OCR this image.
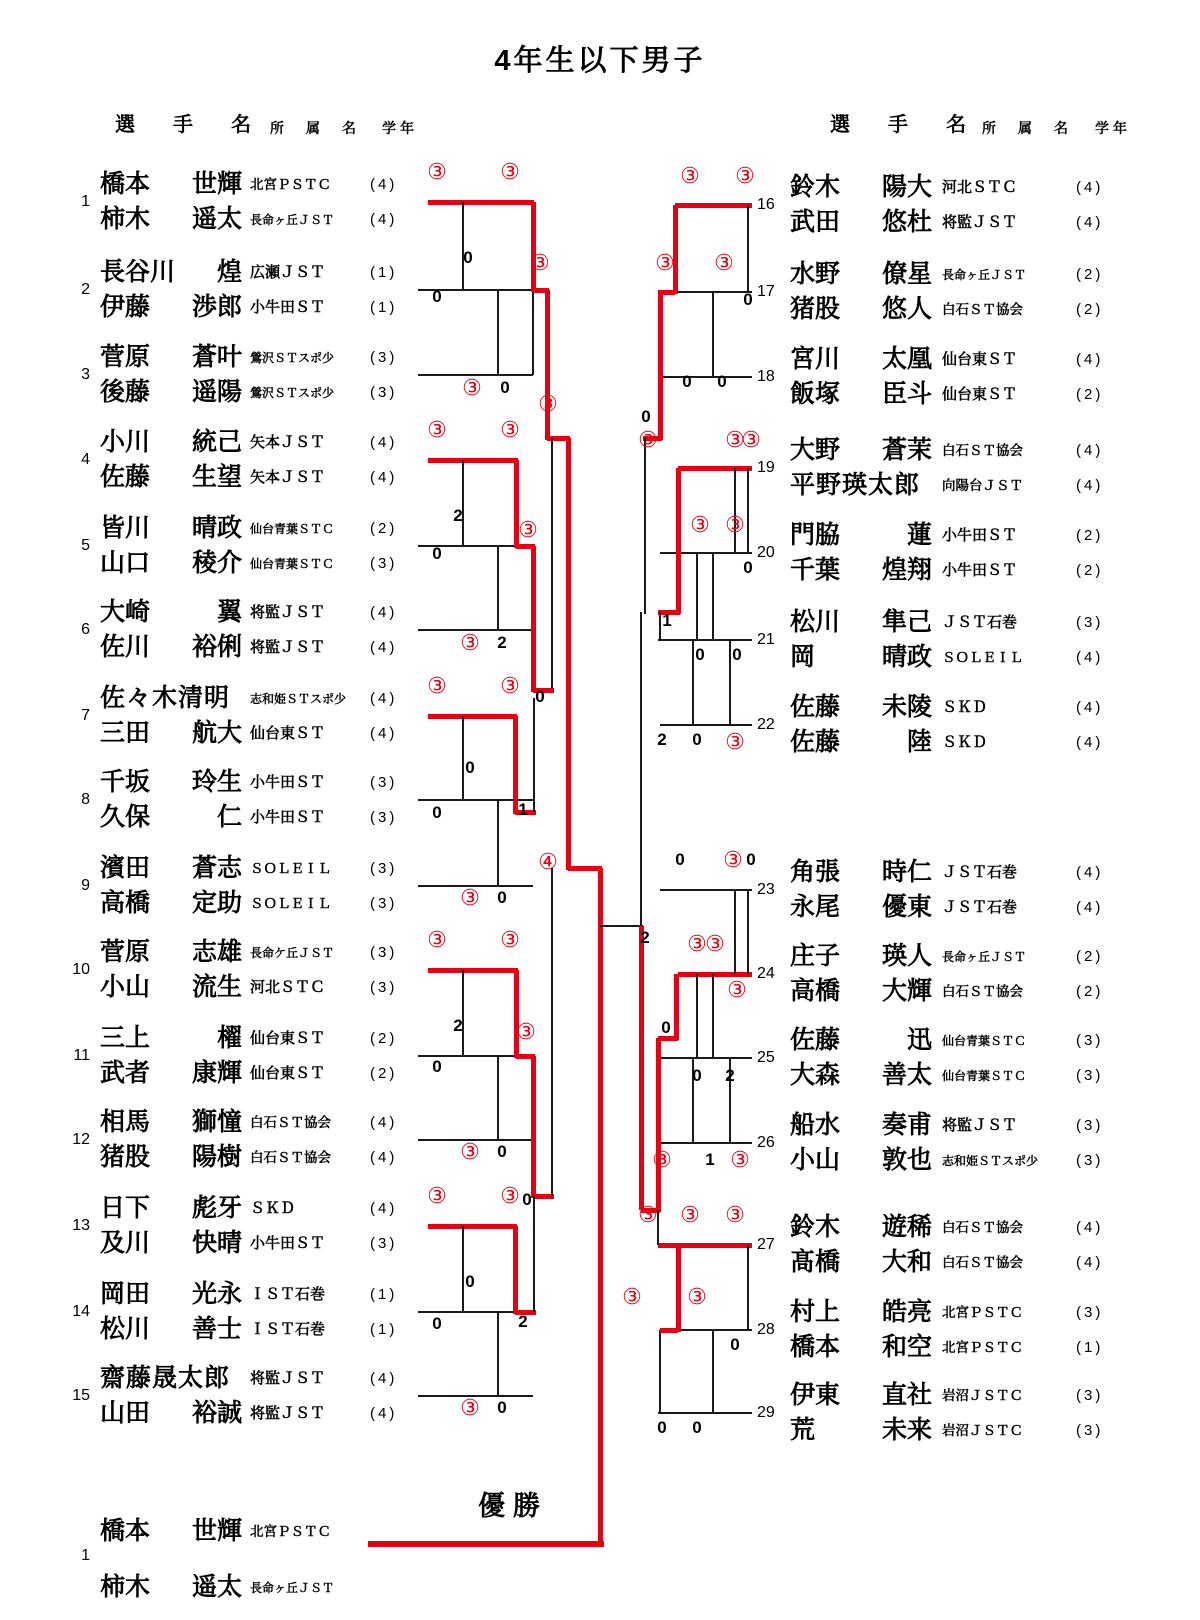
4年生以下男子
選　手　名 所　属　名 学年	選　手　名 所　属　名 学年
1
橋本 世輝 北宮ＰＳＴＣ	(4)
柿木 遥太 長命ヶ丘ＪＳＴ	(4)
2
長谷川 煌 広瀬ＪＳＴ	(1)
伊藤 渉郎 小牛田ＳＴ	(1)
3
菅原 蒼叶 鶯沢ＳＴスポ少	(3)
後藤 遥陽 鶯沢ＳＴスポ少	(3)
4
小川 統己 矢本ＪＳＴ	(4)
佐藤 生望 矢本ＪＳＴ	(4)
5
皆川 晴政 仙台青葉ＳＴＣ	(2)
山口 稜介 仙台青葉ＳＴＣ	(3)
6
大崎	翼 将監ＪＳＴ	(4)
佐川 裕俐 将監ＪＳＴ	(4)
7
佐々木清明 志和姫ＳＴスポ少	(4)
三田 航大 仙台東ＳＴ	(4)
8
千坂 玲生 小牛田ＳＴ	(3)
久保	仁 小牛田ＳＴ	(3)
9
濱田 蒼志 ＳＯＬＥＩＬ	(3)
高橋 定助 ＳＯＬＥＩＬ	(3)
10
菅原 志雄 長命ケ丘ＪＳＴ	(3)
小山 流生 河北ＳＴＣ	(3)
11
三上	櫂 仙台東ＳＴ	(2)
武者 康輝 仙台東ＳＴ	(2)
12
相馬 獅憧 白石ＳＴ協会	(4)
猪股 陽樹 白石ＳＴ協会	(4)
13
日下 彪牙 ＳＫＤ	(4)
及川 快晴 小牛田ＳＴ	(3)
14
岡田 光永 ＩＳＴ石巻	(1)
松川 善士 ＩＳＴ石巻	(1)
15
齋藤晟太郎 将監ＪＳＴ	(4)
山田 裕誠 将監ＪＳＴ	(4)
16
鈴木 陽大 河北ＳＴＣ	(4)
武田 悠杜 将監ＪＳＴ	(4)
17
水野 僚星 長命ヶ丘ＪＳＴ	(2)
猪股 悠人 白石ＳＴ協会	(2)
18
宮川 太凰 仙台東ＳＴ	(4)
飯塚 臣斗 仙台東ＳＴ	(2)
19
大野 蒼茉 白石ＳＴ協会	(4)
平野瑛太郎 向陽台ＪＳＴ	(4)
20
門脇	蓮 小牛田ＳＴ	(2)
千葉 煌翔 小牛田ＳＴ	(2)
21
松川 隼己 ＪＳＴ石巻	(3)
岡	晴政 ＳＯＬＥＩＬ	(4)
22
佐藤 未陵 ＳＫＤ	(4)
佐藤	陸 ＳＫＤ	(4)
23
角張 時仁 ＪＳＴ石巻	(4)
永尾 優東 ＪＳＴ石巻	(4)
24
庄子 瑛人 長命ヶ丘ＪＳＴ	(2)
高橋 大輝 白石ＳＴ協会	(2)
25
佐藤	迅 仙台青葉ＳＴＣ	(3)
大森 善太 仙台青葉ＳＴＣ	(3)
26
船水 奏甫 将監ＪＳＴ	(3)
小山 敦也 志和姫ＳＴスポ少	(3)
27
鈴木 遊稀 白石ＳＴ協会	(4)
髙橋 大和 白石ＳＴ協会	(4)
28
村上 皓亮 北宮ＰＳＴＣ	(3)
橋本 和空 北宮ＰＳＴＣ	(1)
29
伊東 直社 岩沼ＪＳＴＣ	(3)
荒	未来 岩沼ＪＳＴＣ	(3)
1
橋本 世輝 北宮ＰＳＴＣ
柿木 遥太 長命ヶ丘ＪＳＴ
③ ③
0	③
0
③ 0
③
③ ③
2
③
0
③ 2
0
③ ③
0
0	1
③ 0
④
③ ③
2 ③
0
③ 0
③ ③ 0
0
0	2
③ 0
③ ③
③ ③
0
0 0
0
③	③
③
③ ③
0
1
0 0
2 0 ③
0 ③ 0
③
③
③
0
0 2
③ 1 ③
③ ③ ③
③ ③
0
0 0
2
優勝
